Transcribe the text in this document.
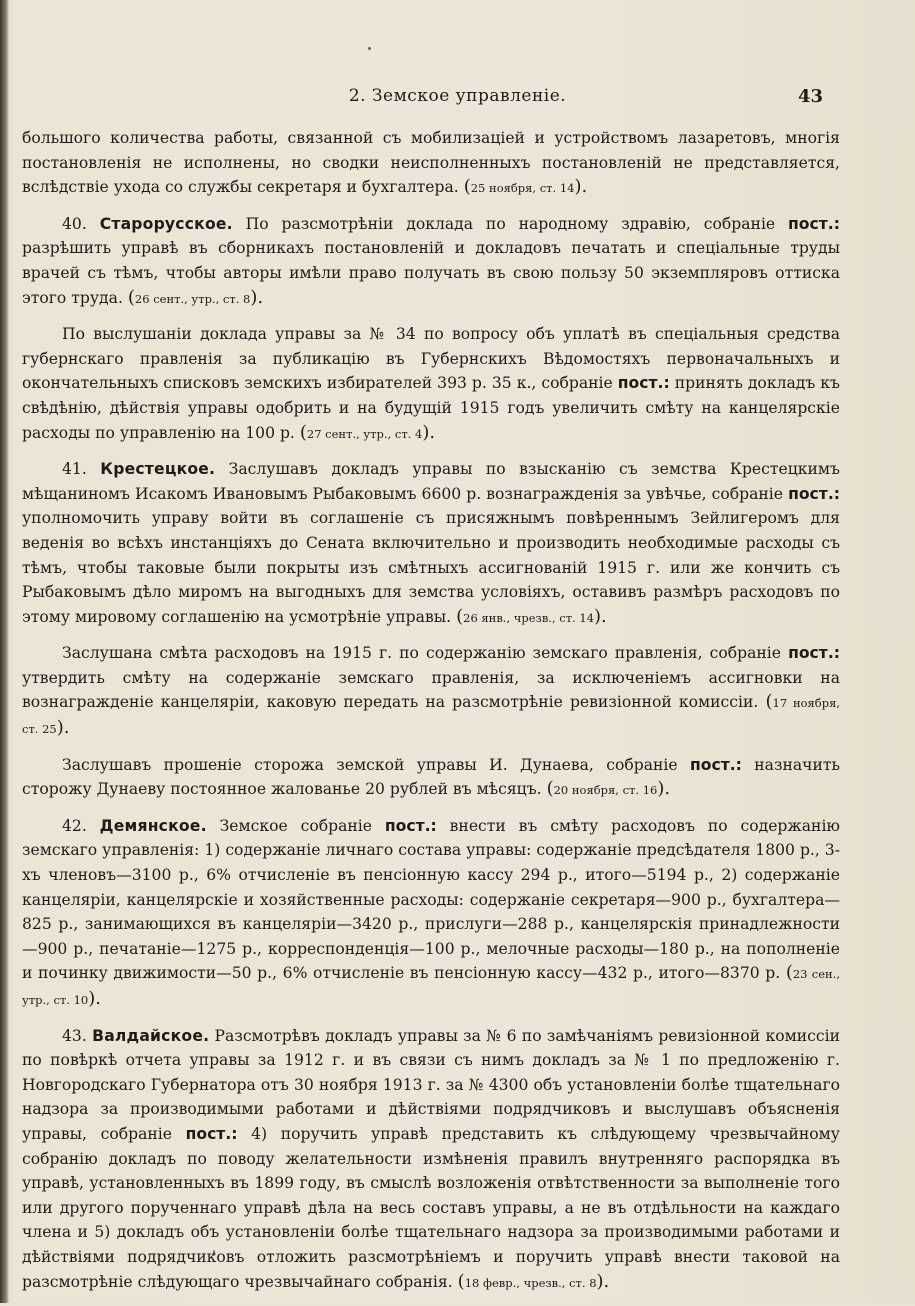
2. Земское управленіе.	43

большого количества работы, связанной съ мобилизаціей и устройствомъ лазаретовъ, многія постановленія не исполнены, но сводки неисполненныхъ постановленій не представляется, вслѣдствіе ухода со службы секретаря и бухгалтера. (25 ноября, ст. 14).

40. Старорусское. По разсмотрѣніи доклада по народному здравію, собраніе пост.: разрѣшить управѣ въ сборникахъ постановленій и докладовъ печатать и спеціальные труды врачей съ тѣмъ, чтобы авторы имѣли право получать въ свою пользу 50 экземпляровъ оттиска этого труда. (26 сент., утр., ст. 8).

По выслушаніи доклада управы за № 34 по вопросу объ уплатѣ въ спеціальныя средства губернскаго правленія за публикацію въ Губернскихъ Вѣдомостяхъ первоначальныхъ и окончательныхъ списковъ земскихъ избирателей 393 р. 35 к., собраніе пост.: принять докладъ къ свѣдѣнію, дѣйствія управы одобрить и на будущій 1915 годъ увеличить смѣту на канцелярскіе расходы по управленію на 100 р. (27 сент., утр., ст. 4).

41. Крестецкое. Заслушавъ докладъ управы по взысканію съ земства Крестецкимъ мѣщаниномъ Исакомъ Ивановымъ Рыбаковымъ 6600 р. вознагражденія за увѣчье, собраніе пост.: уполномочить управу войти въ соглашеніе съ присяжнымъ повѣреннымъ Зейлигеромъ для веденія во всѣхъ инстанціяхъ до Сената включительно и производить необходимые расходы съ тѣмъ, чтобы таковые были покрыты изъ смѣтныхъ ассигнованій 1915 г. или же кончить съ Рыбаковымъ дѣло миромъ на выгодныхъ для земства условіяхъ, оставивъ размѣръ расходовъ по этому мировому соглашенію на усмотрѣніе управы. (26 янв., чрезв., ст. 14).

Заслушана смѣта расходовъ на 1915 г. по содержанію земскаго правленія, собраніе пост.: утвердить смѣту на содержаніе земскаго правленія, за исключеніемъ ассигновки на вознагражденіе канцеляріи, каковую передать на разсмотрѣніе ревизіонной комиссіи. (17 ноября, ст. 25).

Заслушавъ прошеніе сторожа земской управы И. Дунаева, собраніе пост.: назначить сторожу Дунаеву постоянное жалованье 20 рублей въ мѣсяцъ. (20 ноября, ст. 16).

42. Демянское. Земское собраніе пост.: внести въ смѣту расходовъ по содержанію земскаго управленія: 1) содержаніе личнаго состава управы: содержаніе предсѣдателя 1800 р., 3-хъ членовъ—3100 р., 6% отчисленіе въ пенсіонную кассу 294 р., итого—5194 р., 2) содержаніе канцеляріи, канцелярскіе и хозяйственные расходы: содержаніе секретаря—900 р., бухгалтера—825 р., занимающихся въ канцеляріи—3420 р., прислуги—288 р., канцелярскія принадлежности—900 р., печатаніе—1275 р., корреспонденція—100 р., мелочные расходы—180 р., на пополненіе и починку движимости—50 р., 6% отчисленіе въ пенсіонную кассу—432 р., итого—8370 р. (23 сен., утр., ст. 10).

43. Валдайское. Разсмотрѣвъ докладъ управы за № 6 по замѣчаніямъ ревизіонной комиссіи по повѣркѣ отчета управы за 1912 г. и въ связи съ нимъ докладъ за № 1 по предложенію г. Новгородскаго Губернатора отъ 30 ноября 1913 г. за № 4300 объ установленіи болѣе тщательнаго надзора за производимыми работами и дѣйствіями подрядчиковъ и выслушавъ объясненія управы, собраніе пост.: 4) поручить управѣ представить къ слѣдующему чрезвычайному собранію докладъ по поводу желательности измѣненія правилъ внутренняго распорядка въ управѣ, установленныхъ въ 1899 году, въ смыслѣ возложенія отвѣтственности за выполненіе того или другого порученнаго управѣ дѣла на весь составъ управы, а не въ отдѣльности на каждаго члена и 5) докладъ объ установленіи болѣе тщательнаго надзора за производимыми работами и дѣйствіями подрядчиковъ отложить разсмотрѣніемъ и поручить управѣ внести таковой на разсмотрѣніе слѣдующаго чрезвычайнаго собранія. (18 февр., чрезв., ст. 8).
